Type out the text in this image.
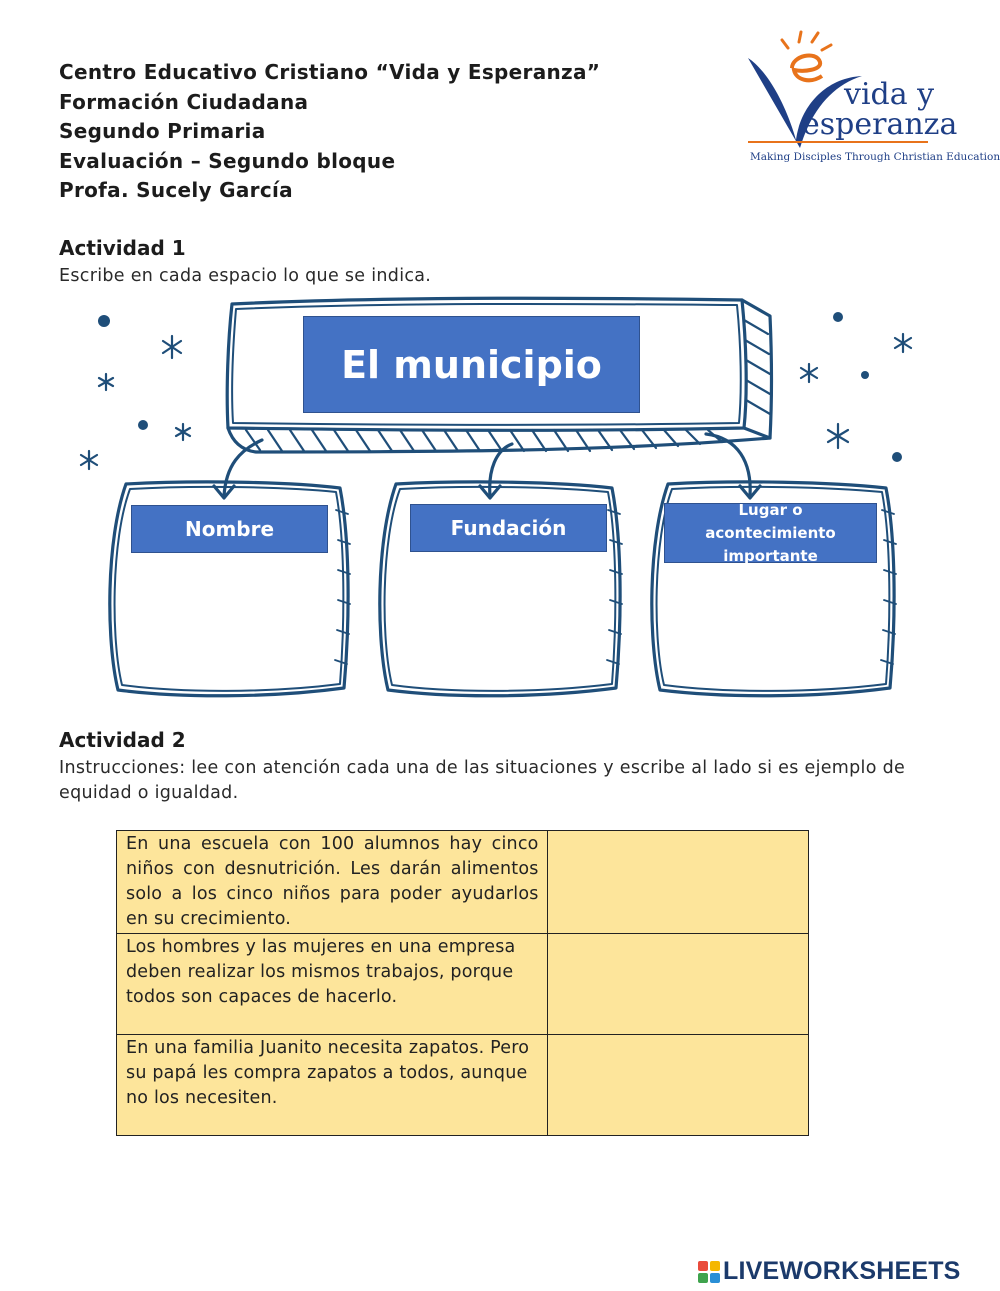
Centro Educativo Cristiano “Vida y Esperanza”
Formación Ciudadana
Segundo Primaria
Evaluación – Segundo bloque
Profa. Sucely García
vida y
esperanza
Making Disciples Through Christian Education
Actividad 1
Escribe en cada espacio lo que se indica.
El municipio
Nombre	Fundación
Lugar o acontecimiento importante
Actividad 2
Instrucciones: lee con atención cada una de las situaciones y escribe al lado si es ejemplo de equidad o igualdad.
En una escuela con 100 alumnos hay cinco niños con desnutrición. Les darán alimentos solo a los cinco niños para poder ayudarlos en su crecimiento.	
Los hombres y las mujeres en una empresa deben realizar los mismos trabajos, porque todos son capaces de hacerlo.	
En una familia Juanito necesita zapatos. Pero su papá les compra zapatos a todos, aunque no los necesiten.	
LIVEWORKSHEETS
